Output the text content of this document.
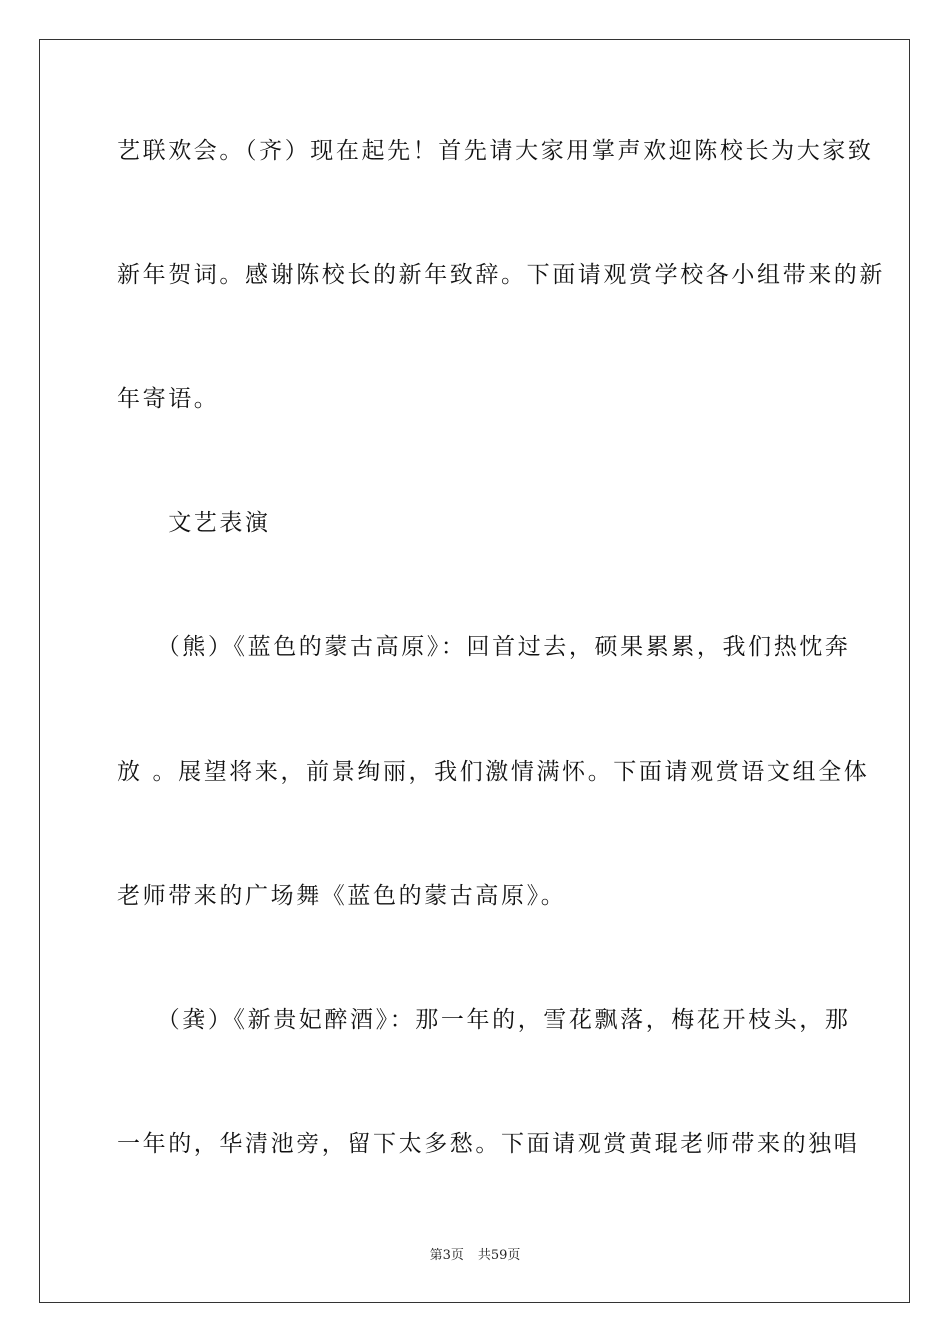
艺联欢会。（齐）现在起先！首先请大家用掌声欢迎陈校长为大家致
新年贺词。感谢陈校长的新年致辞。下面请观赏学校各小组带来的新
年寄语。
　　文艺表演
　　（熊）《蓝色的蒙古高原》：回首过去，硕果累累，我们热忱奔
放 。展望将来，前景绚丽，我们激情满怀。下面请观赏语文组全体
老师带来的广场舞《蓝色的蒙古高原》。
　　（龚）《新贵妃醉酒》：那一年的，雪花飘落，梅花开枝头，那
一年的，华清池旁，留下太多愁。下面请观赏黄琨老师带来的独唱
第3页 共59页
